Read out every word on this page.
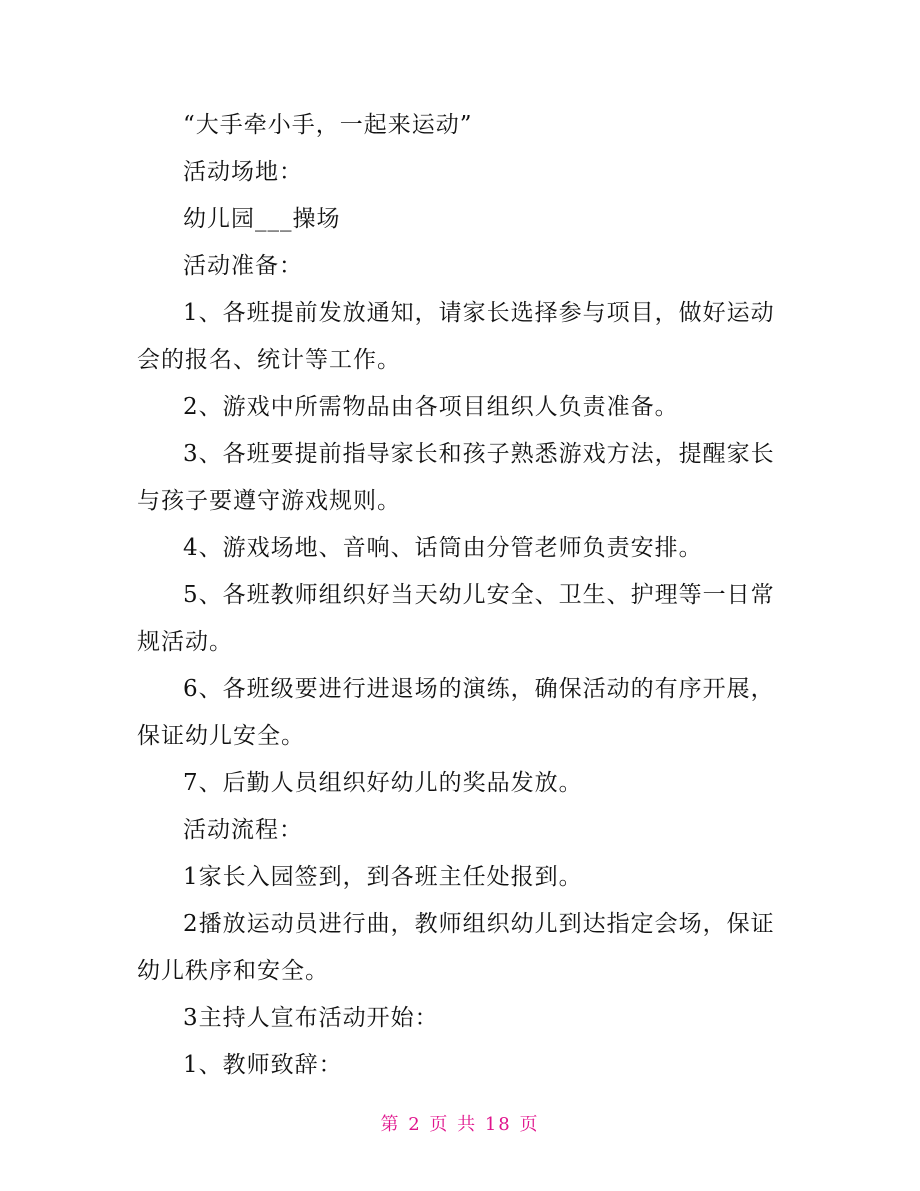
“大手牵小手，一起来运动”

活动场地：

幼儿园___操场

活动准备：

1、各班提前发放通知，请家长选择参与项目，做好运动会的报名、统计等工作。

2、游戏中所需物品由各项目组织人负责准备。

3、各班要提前指导家长和孩子熟悉游戏方法，提醒家长与孩子要遵守游戏规则。

4、游戏场地、音响、话筒由分管老师负责安排。

5、各班教师组织好当天幼儿安全、卫生、护理等一日常规活动。

6、各班级要进行进退场的演练，确保活动的有序开展，保证幼儿安全。

7、后勤人员组织好幼儿的奖品发放。

活动流程：

1家长入园签到，到各班主任处报到。

2播放运动员进行曲，教师组织幼儿到达指定会场，保证幼儿秩序和安全。

3主持人宣布活动开始：

1、教师致辞：

第 2 页 共 18 页
